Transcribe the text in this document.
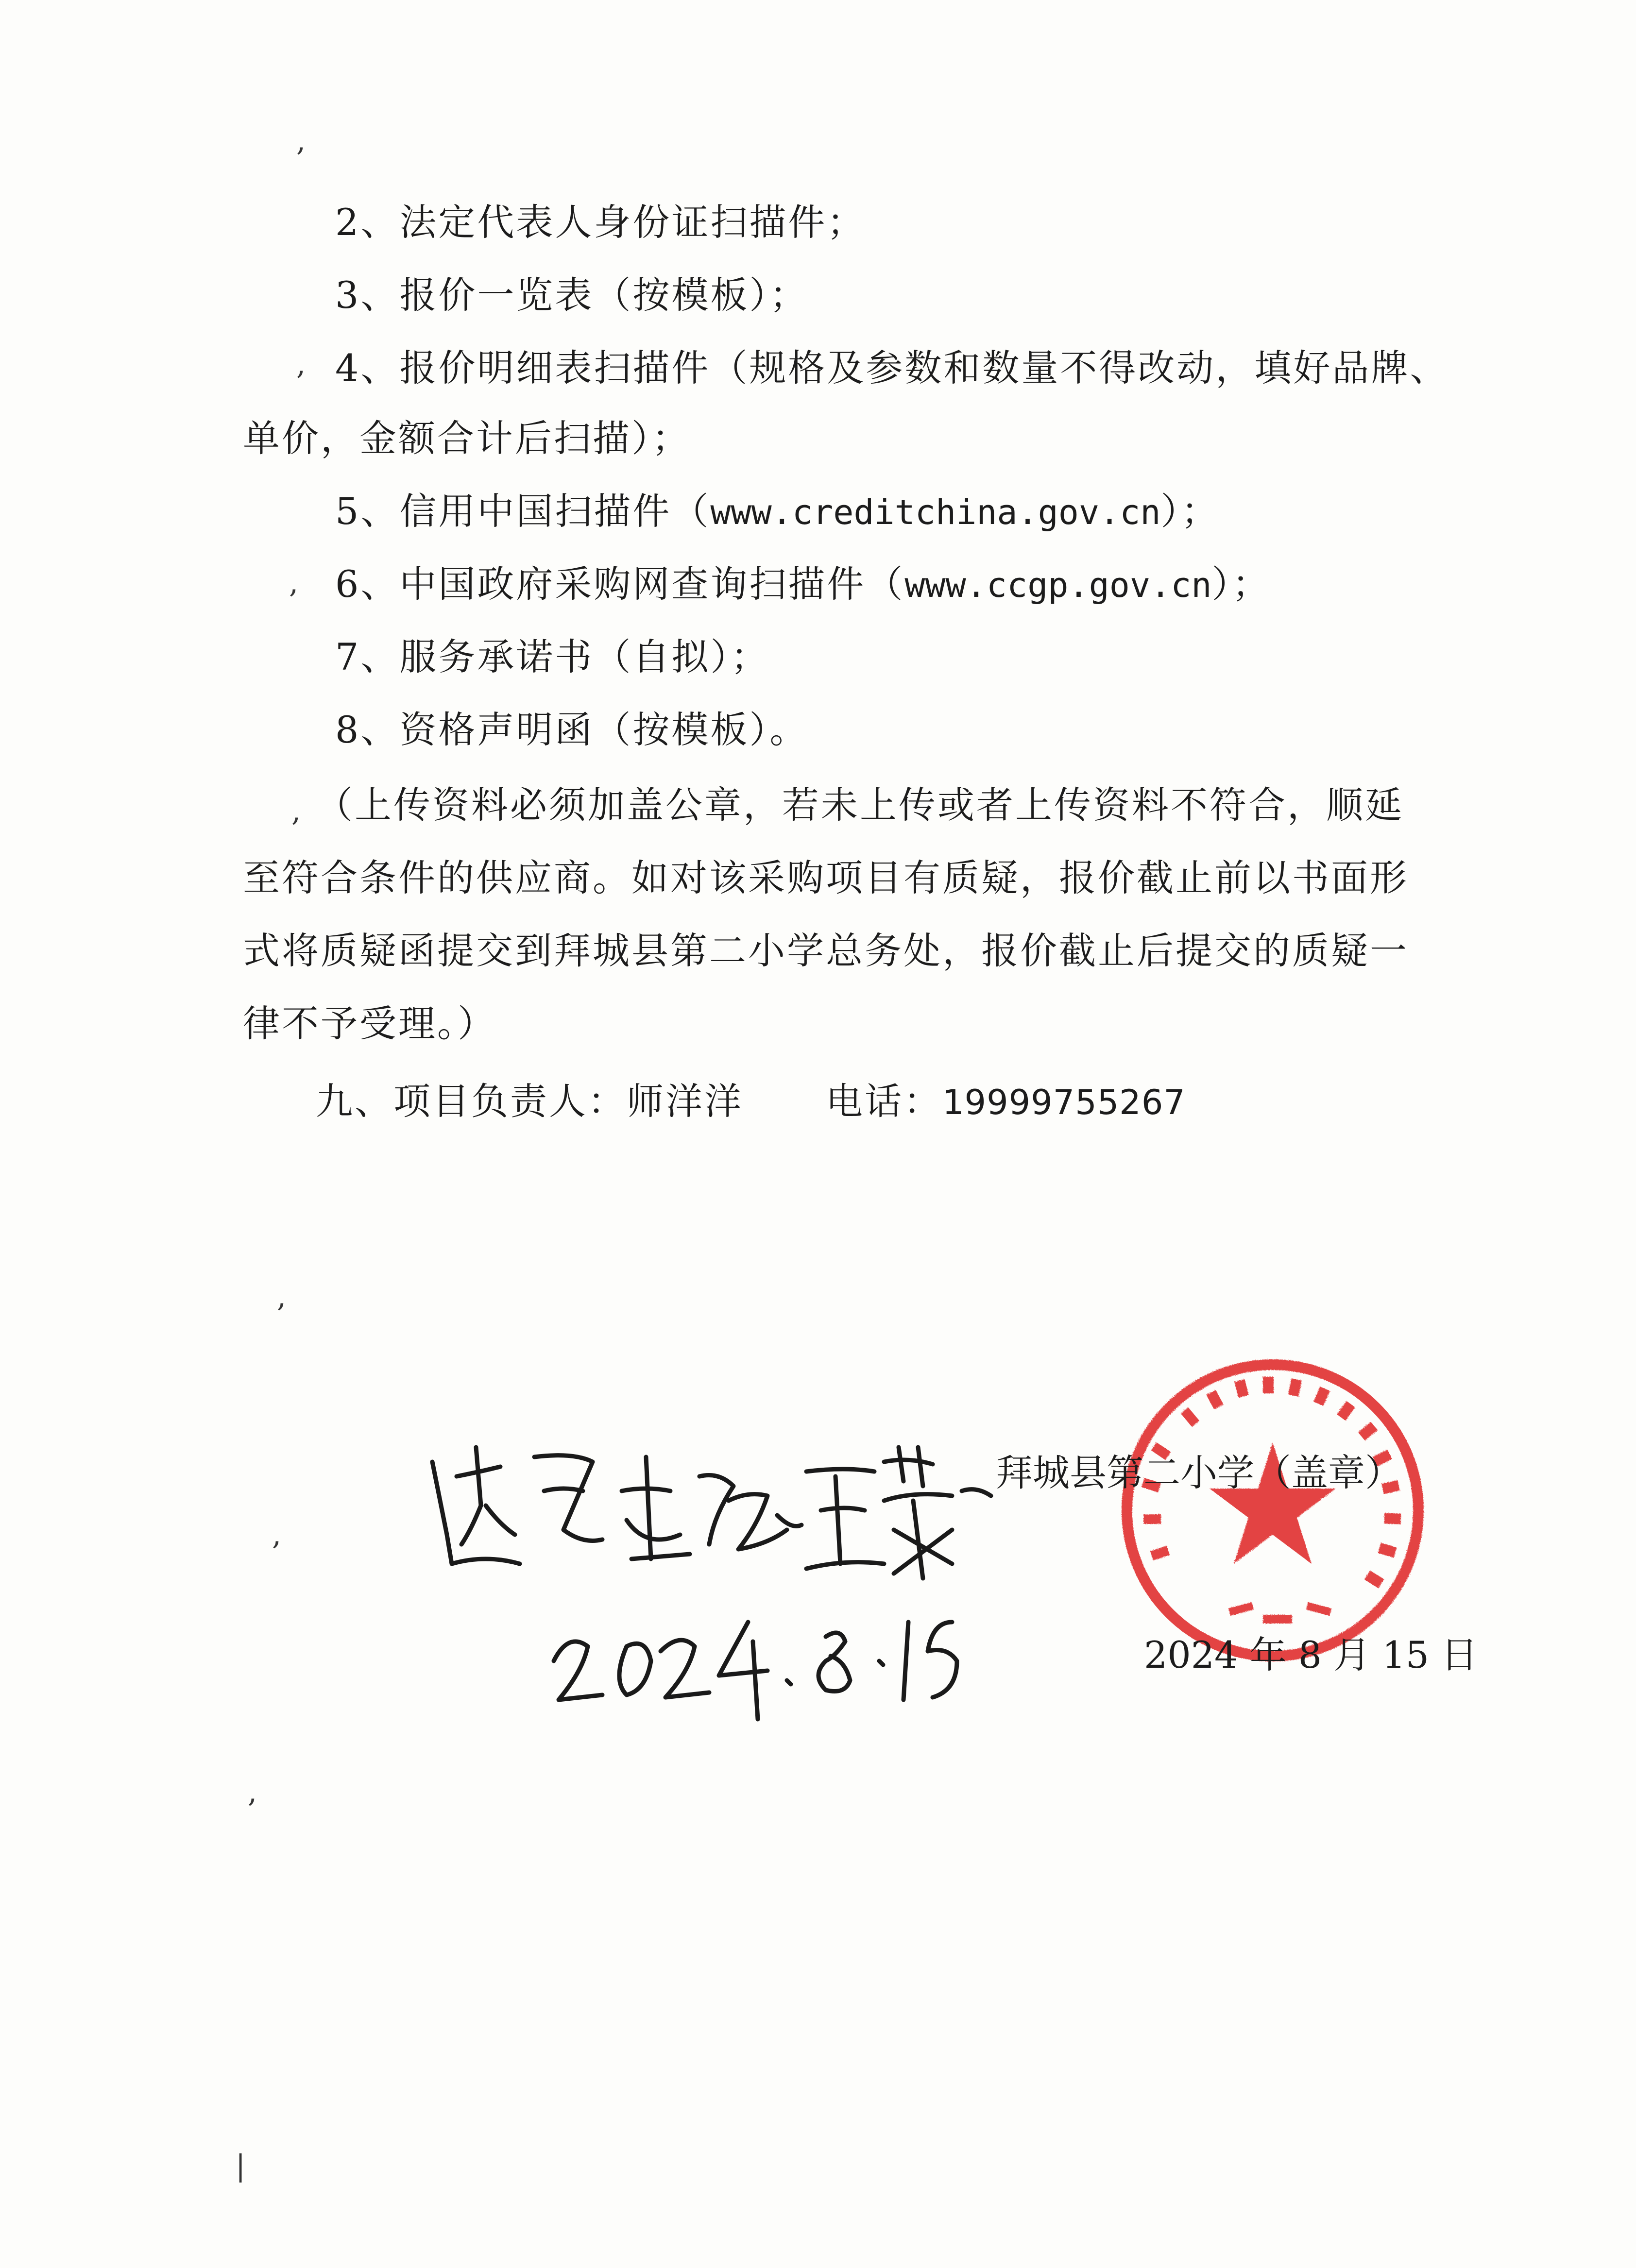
,
,
,
,
,
,
,
|
2、法定代表人身份证扫描件；
3、报价一览表（按模板）；
4、报价明细表扫描件（规格及参数和数量不得改动，填好品牌、
单价，金额合计后扫描）；
5、信用中国扫描件（www.creditchina.gov.cn）；
6、中国政府采购网查询扫描件（www.ccgp.gov.cn）；
7、服务承诺书（自拟）；
8、资格声明函（按模板）。
（上传资料必须加盖公章，若未上传或者上传资料不符合，顺延
至符合条件的供应商。如对该采购项目有质疑，报价截止前以书面形
式将质疑函提交到拜城县第二小学总务处，报价截止后提交的质疑一
律不予受理。）
九、项目负责人：师洋洋 电话：19999755267
拜城县第二小学（盖章）
2024 年 8 月 15 日
